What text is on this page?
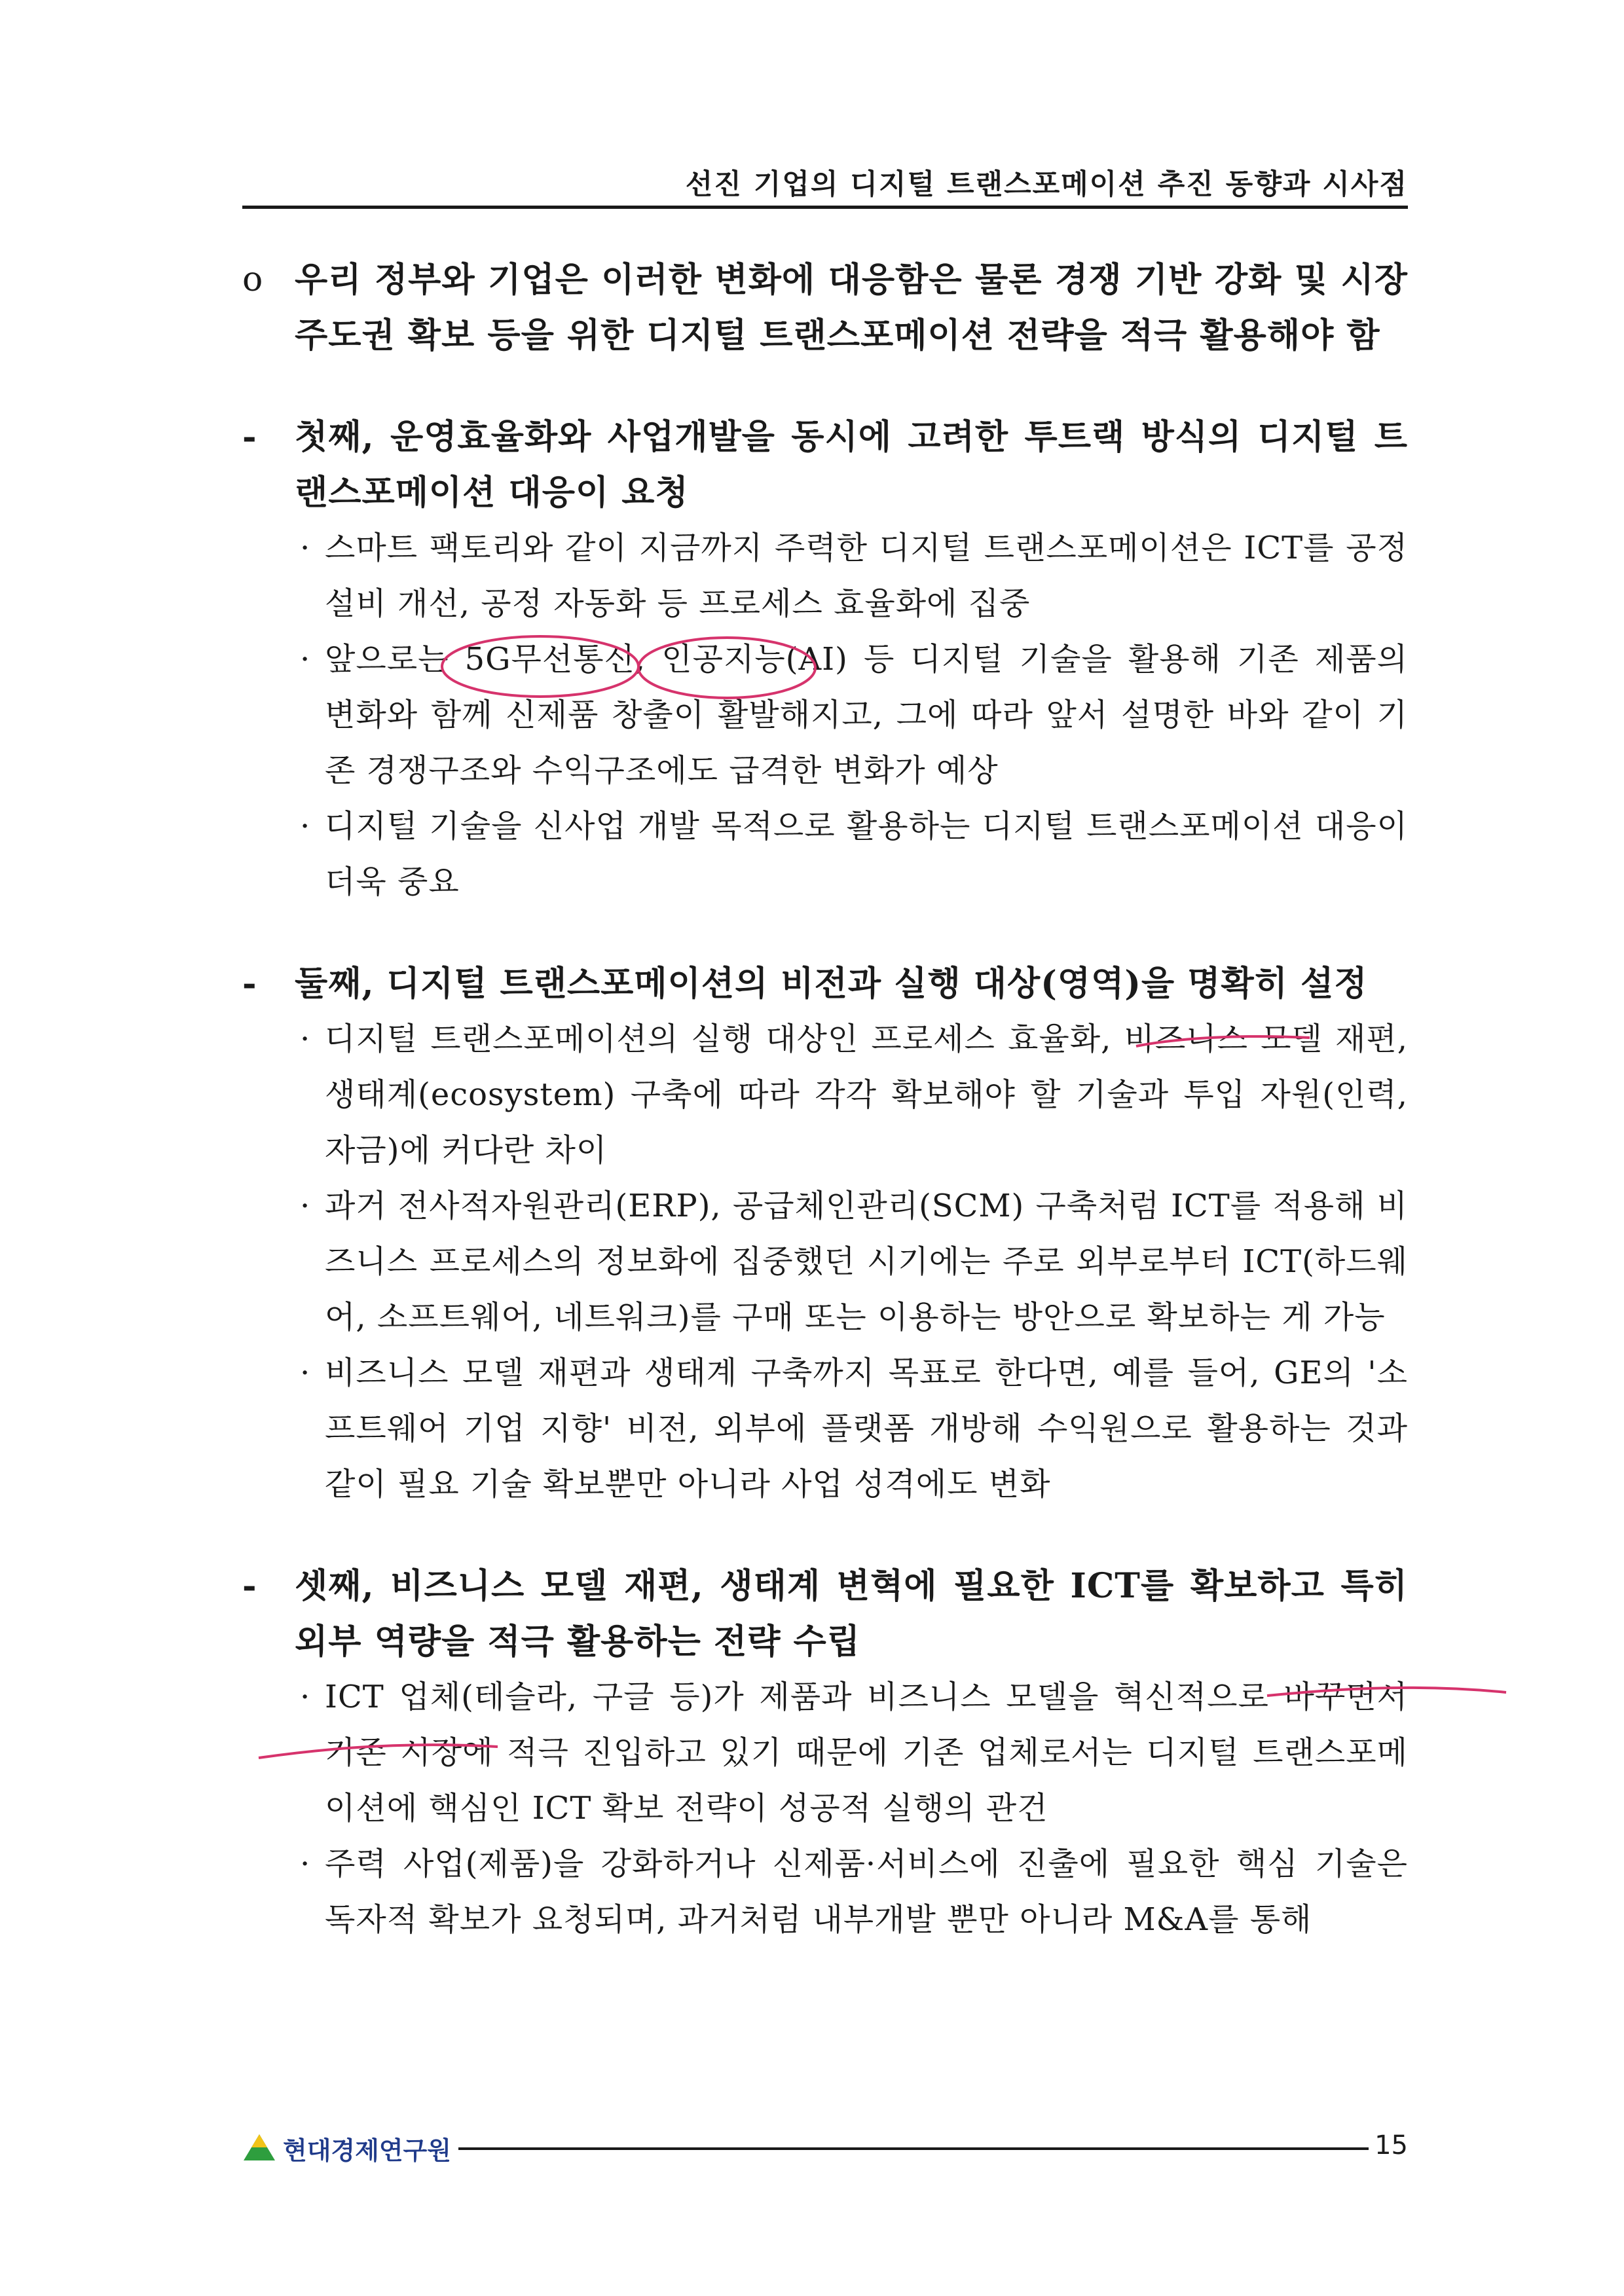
선진 기업의 디지털 트랜스포메이션 추진 동향과 시사점
o 우리 정부와 기업은 이러한 변화에 대응함은 물론 경쟁 기반 강화 및 시장 주도권 확보 등을 위한 디지털 트랜스포메이션 전략을 적극 활용해야 함
- 첫째, 운영효율화와 사업개발을 동시에 고려한 투트랙 방식의 디지털 트랜스포메이션 대응이 요청
· 스마트 팩토리와 같이 지금까지 주력한 디지털 트랜스포메이션은 ICT를 공정 설비 개선, 공정 자동화 등 프로세스 효율화에 집중
· 앞으로는 5G무선통신, 인공지능(AI) 등 디지털 기술을 활용해 기존 제품의 변화와 함께 신제품 창출이 활발해지고, 그에 따라 앞서 설명한 바와 같이 기존 경쟁구조와 수익구조에도 급격한 변화가 예상
· 디지털 기술을 신사업 개발 목적으로 활용하는 디지털 트랜스포메이션 대응이 더욱 중요
- 둘째, 디지털 트랜스포메이션의 비전과 실행 대상(영역)을 명확히 설정
· 디지털 트랜스포메이션의 실행 대상인 프로세스 효율화, 비즈니스 모델 재편, 생태계(ecosystem) 구축에 따라 각각 확보해야 할 기술과 투입 자원(인력, 자금)에 커다란 차이
· 과거 전사적자원관리(ERP), 공급체인관리(SCM) 구축처럼 ICT를 적용해 비즈니스 프로세스의 정보화에 집중했던 시기에는 주로 외부로부터 ICT(하드웨어, 소프트웨어, 네트워크)를 구매 또는 이용하는 방안으로 확보하는 게 가능
· 비즈니스 모델 재편과 생태계 구축까지 목표로 한다면, 예를 들어, GE의 '소프트웨어 기업 지향' 비전, 외부에 플랫폼 개방해 수익원으로 활용하는 것과 같이 필요 기술 확보뿐만 아니라 사업 성격에도 변화
- 셋째, 비즈니스 모델 재편, 생태계 변혁에 필요한 ICT를 확보하고 특히 외부 역량을 적극 활용하는 전략 수립
· ICT 업체(테슬라, 구글 등)가 제품과 비즈니스 모델을 혁신적으로 바꾸면서 기존 시장에 적극 진입하고 있기 때문에 기존 업체로서는 디지털 트랜스포메이션에 핵심인 ICT 확보 전략이 성공적 실행의 관건
· 주력 사업(제품)을 강화하거나 신제품·서비스에 진출에 필요한 핵심 기술은 독자적 확보가 요청되며, 과거처럼 내부개발 뿐만 아니라 M&A를 통해
현대경제연구원	15
